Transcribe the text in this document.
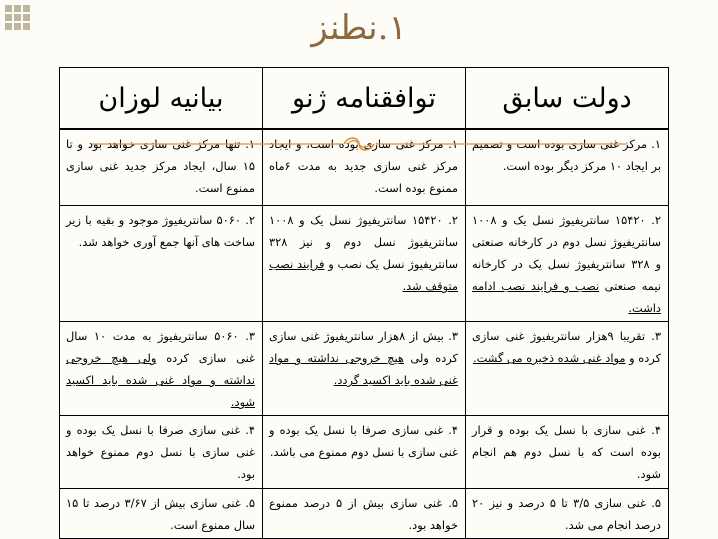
۱.نطنز
دولت سابق	توافقنامه ژنو	بیانیه لوزان
۱. مرکز غنی سازی بوده است و تصمیم بر ایجاد ۱۰ مرکز دیگر بوده است.	۱. مرکز غنی سازی بوده است، و ایجاد مرکز غنی سازی جدید به مدت ۶ماه ممنوع بوده است.	۱. تنها مرکز غنی سازی خواهد بود و تا ۱۵ سال، ایجاد مرکز جدید غنی سازی ممنوع است.
۲. ۱۵۴۲۰ سانتریفیوژ نسل یک و ۱۰۰۸ سانتریفیوژ نسل دوم در کارخانه صنعتی و ۳۲۸ سانتریفیوژ نسل یک در کارخانه نیمه صنعتی نصب و فرایند نصب ادامه داشت.	۲. ۱۵۴۲۰ سانتریفیوژ نسل یک و ۱۰۰۸ سانتریفیوژ نسل دوم و نیز ۳۲۸ سانتریفیوژ نسل یک نصب و فرایند نصب متوقف شد.	۲. ۵۰۶۰ سانتریفیوژ موجود و بقیه با زیر ساخت های آنها جمع آوری خواهد شد.
۳. تقریبا ۹هزار سانتریفیوژ غنی سازی کرده و مواد غنی شده ذخیره می گشت.	۳. بیش از ۸هزار سانتریفیوژ غنی سازی کرده ولی هیچ خروجی نداشته و مواد غنی شده باید اکسید گردد.	۳. ۵۰۶۰ سانتریفیوژ به مدت ۱۰ سال غنی سازی کرده ولی هیچ خروجی نداشته و مواد غنی شده باید اکسید شود.
۴. غنی سازی با نسل یک بوده و قرار بوده است که با نسل دوم هم انجام شود.	۴. غنی سازی صرفا با نسل یک بوده و غنی سازی با نسل دوم ممنوع می باشد.	۴. غنی سازی صرفا با نسل یک بوده و غنی سازی با نسل دوم ممنوع خواهد بود.
۵. غنی سازی ۳/۵ تا ۵ درصد و نیز ۲۰ درصد انجام می شد.	۵. غنی سازی بیش از ۵ درصد ممنوع خواهد بود.	۵. غنی سازی بیش از ۳/۶۷ درصد تا ۱۵ سال ممنوع است.
